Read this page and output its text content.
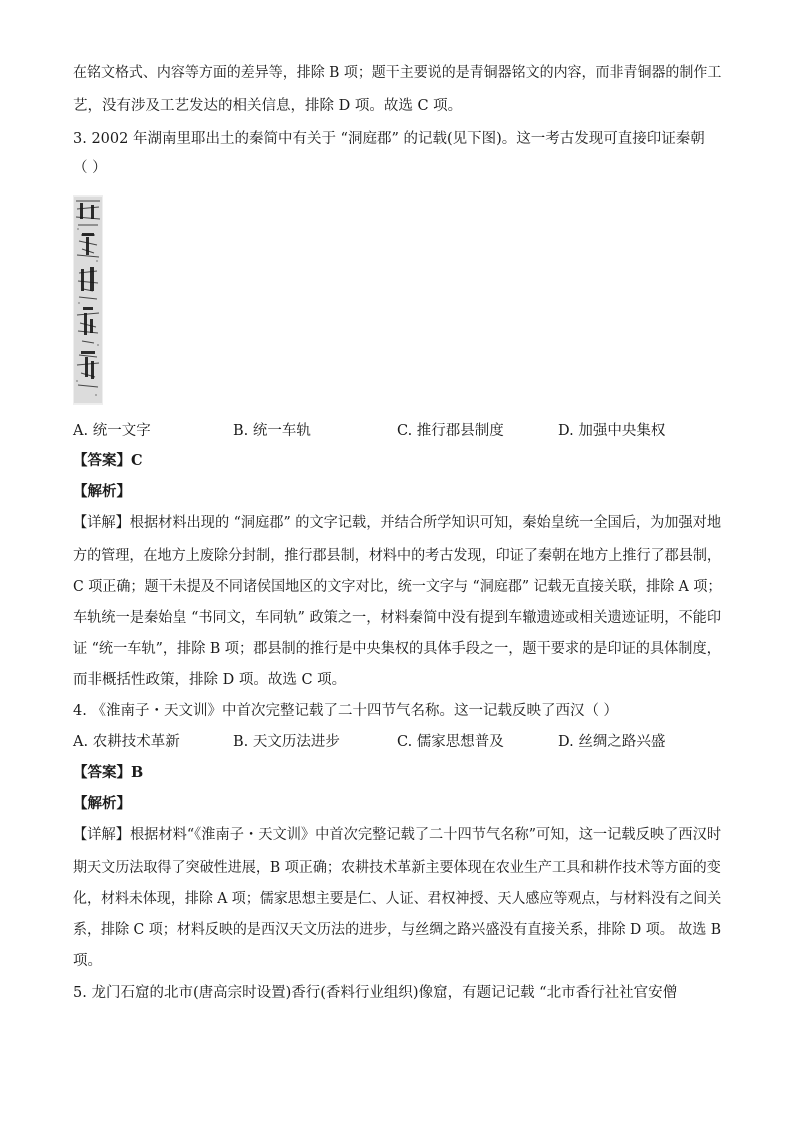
在铭文格式、内容等方面的差异等，排除 B 项；题干主要说的是青铜器铭文的内容，而非青铜器的制作工
艺，没有涉及工艺发达的相关信息，排除 D 项。故选 C 项。
3. 2002 年湖南里耶出土的秦简中有关于 “洞庭郡” 的记载(见下图)。这一考古发现可直接印证秦朝
（ ）
A. 统一文字	B. 统一车轨	C. 推行郡县制度	D. 加强中央集权
【答案】C
【解析】
【详解】根据材料出现的 “洞庭郡” 的文字记载，并结合所学知识可知，秦始皇统一全国后，为加强对地
方的管理，在地方上废除分封制，推行郡县制，材料中的考古发现，印证了秦朝在地方上推行了郡县制，
C 项正确；题干未提及不同诸侯国地区的文字对比，统一文字与 “洞庭郡” 记载无直接关联，排除 A 项；
车轨统一是秦始皇 “书同文，车同轨” 政策之一，材料秦简中没有提到车辙遗迹或相关遗迹证明，不能印
证 “统一车轨”，排除 B 项；郡县制的推行是中央集权的具体手段之一，题干要求的是印证的具体制度，
而非概括性政策，排除 D 项。故选 C 项。
4. 《淮南子・天文训》中首次完整记载了二十四节气名称。这一记载反映了西汉（ ）
A. 农耕技术革新	B. 天文历法进步	C. 儒家思想普及	D. 丝绸之路兴盛
【答案】B
【解析】
【详解】根据材料“《淮南子・天文训》中首次完整记载了二十四节气名称”可知，这一记载反映了西汉时
期天文历法取得了突破性进展，B 项正确；农耕技术革新主要体现在农业生产工具和耕作技术等方面的变
化，材料未体现，排除 A 项；儒家思想主要是仁、人证、君权神授、天人感应等观点，与材料没有之间关
系，排除 C 项；材料反映的是西汉天文历法的进步，与丝绸之路兴盛没有直接关系，排除 D 项。 故选 B
项。
5. 龙门石窟的北市(唐高宗时设置)香行(香料行业组织)像窟，有题记记载 “北市香行社社官安僧
